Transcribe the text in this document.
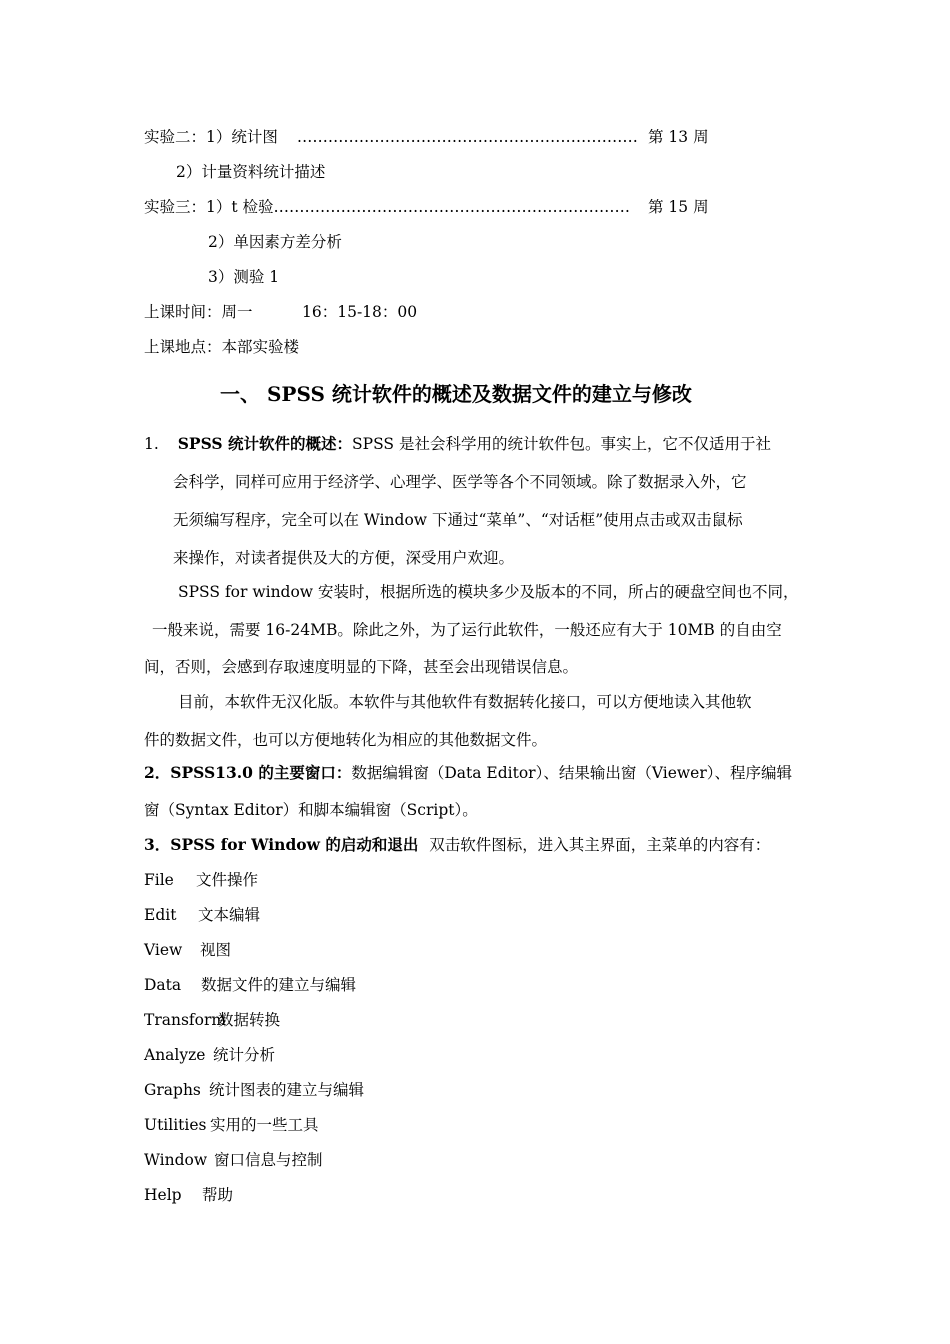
实验二：1）统计图 ………………………………………………………… 第 13 周
2）计量资料统计描述
实验三：1）t 检验…………………………………………………………… 第 15 周
2）单因素方差分析
3）测验 1
上课时间：周一	16：15-18：00
上课地点：本部实验楼
一、 SPSS 统计软件的概述及数据文件的建立与修改
1. SPSS 统计软件的概述：SPSS 是社会科学用的统计软件包。事实上，它不仅适用于社
会科学，同样可应用于经济学、心理学、医学等各个不同领域。除了数据录入外，它
无须编写程序，完全可以在 Window 下通过“菜单”、“对话框”使用点击或双击鼠标
来操作，对读者提供及大的方便，深受用户欢迎。
SPSS for window 安装时，根据所选的模块多少及版本的不同，所占的硬盘空间也不同，
一般来说，需要 16-24MB。除此之外，为了运行此软件，一般还应有大于 10MB 的自由空
间，否则，会感到存取速度明显的下降，甚至会出现错误信息。
目前，本软件无汉化版。本软件与其他软件有数据转化接口，可以方便地读入其他软
件的数据文件，也可以方便地转化为相应的其他数据文件。
2．SPSS13.0 的主要窗口：数据编辑窗（Data Editor）、结果输出窗（Viewer）、程序编辑
窗（Syntax Editor）和脚本编辑窗（Script）。
3．SPSS for Window 的启动和退出 双击软件图标，进入其主界面，主菜单的内容有：
File 文件操作
Edit 文本编辑
View 视图
Data 数据文件的建立与编辑
Transform数据转换
Analyze 统计分析
Graphs 统计图表的建立与编辑
Utilities 实用的一些工具
Window 窗口信息与控制
Help 帮助
